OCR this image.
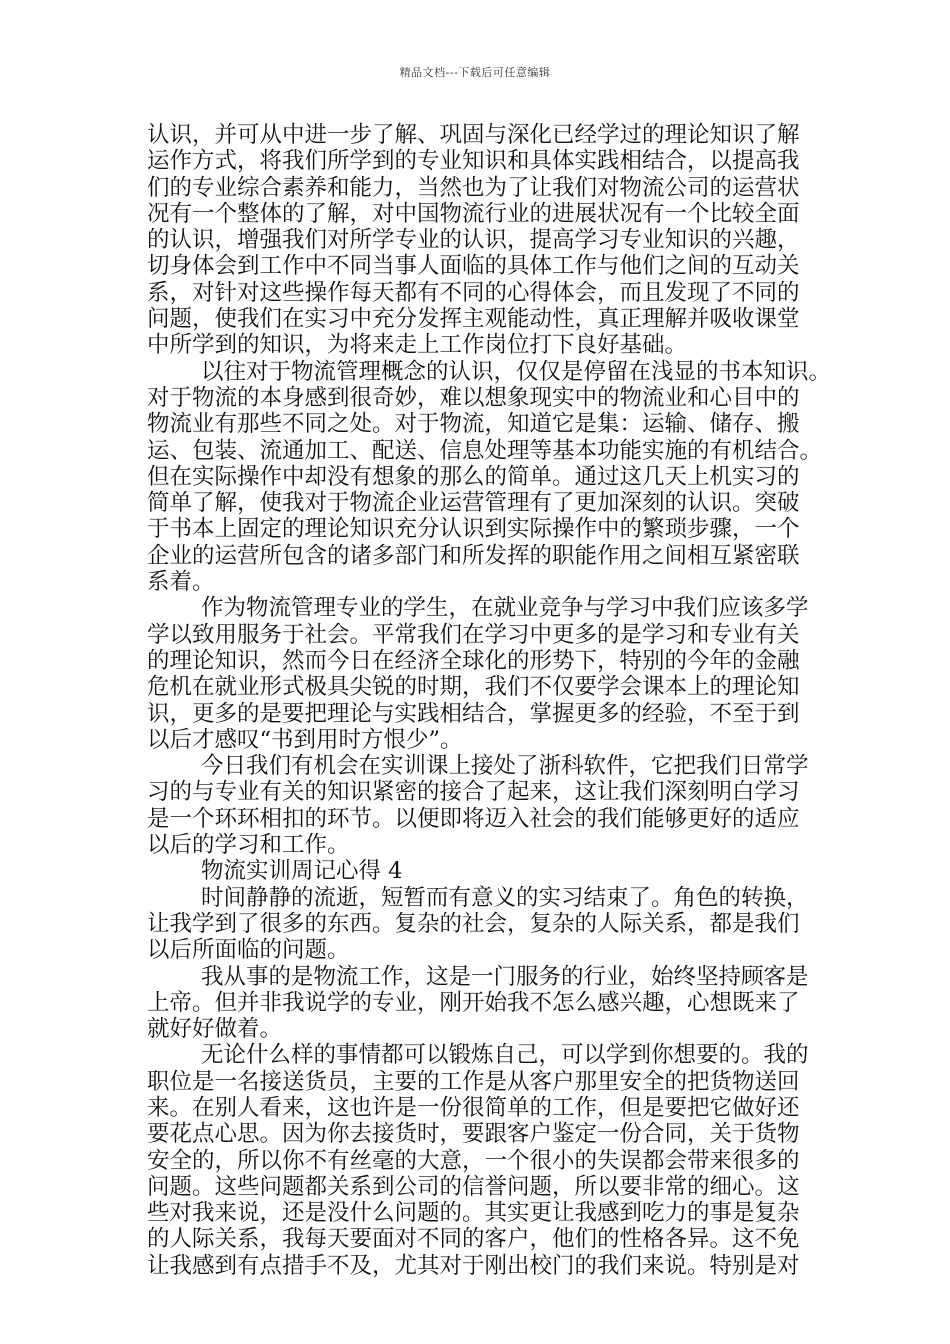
精品文档---下载后可任意编辑
认识，并可从中进一步了解、巩固与深化已经学过的理论知识了解
运作方式，将我们所学到的专业知识和具体实践相结合，以提高我
们的专业综合素养和能力，当然也为了让我们对物流公司的运营状
况有一个整体的了解，对中国物流行业的进展状况有一个比较全面
的认识，增强我们对所学专业的认识，提高学习专业知识的兴趣，
切身体会到工作中不同当事人面临的具体工作与他们之间的互动关
系，对针对这些操作每天都有不同的心得体会，而且发现了不同的
问题，使我们在实习中充分发挥主观能动性，真正理解并吸收课堂
中所学到的知识，为将来走上工作岗位打下良好基础。
以往对于物流管理概念的认识，仅仅是停留在浅显的书本知识。
对于物流的本身感到很奇妙，难以想象现实中的物流业和心目中的
物流业有那些不同之处。对于物流，知道它是集：运输、储存、搬
运、包装、流通加工、配送、信息处理等基本功能实施的有机结合。
但在实际操作中却没有想象的那么的简单。通过这几天上机实习的
简单了解，使我对于物流企业运营管理有了更加深刻的认识。突破
于书本上固定的理论知识充分认识到实际操作中的繁琐步骤，一个
企业的运营所包含的诸多部门和所发挥的职能作用之间相互紧密联
系着。
作为物流管理专业的学生，在就业竞争与学习中我们应该多学
学以致用服务于社会。平常我们在学习中更多的是学习和专业有关
的理论知识，然而今日在经济全球化的形势下，特别的今年的金融
危机在就业形式极具尖锐的时期，我们不仅要学会课本上的理论知
识，更多的是要把理论与实践相结合，掌握更多的经验，不至于到
以后才感叹“书到用时方恨少”。
今日我们有机会在实训课上接处了浙科软件，它把我们日常学
习的与专业有关的知识紧密的接合了起来，这让我们深刻明白学习
是一个环环相扣的环节。以便即将迈入社会的我们能够更好的适应
以后的学习和工作。
物流实训周记心得 4
时间静静的流逝，短暂而有意义的实习结束了。角色的转换，
让我学到了很多的东西。复杂的社会，复杂的人际关系，都是我们
以后所面临的问题。
我从事的是物流工作，这是一门服务的行业，始终坚持顾客是
上帝。但并非我说学的专业，刚开始我不怎么感兴趣，心想既来了
就好好做着。
无论什么样的事情都可以锻炼自己，可以学到你想要的。我的
职位是一名接送货员，主要的工作是从客户那里安全的把货物送回
来。在别人看来，这也许是一份很简单的工作，但是要把它做好还
要花点心思。因为你去接货时，要跟客户鉴定一份合同，关于货物
安全的，所以你不有丝毫的大意，一个很小的失误都会带来很多的
问题。这些问题都关系到公司的信誉问题，所以要非常的细心。这
些对我来说，还是没什么问题的。其实更让我感到吃力的事是复杂
的人际关系，我每天要面对不同的客户，他们的性格各异。这不免
让我感到有点措手不及，尤其对于刚出校门的我们来说。特别是对
